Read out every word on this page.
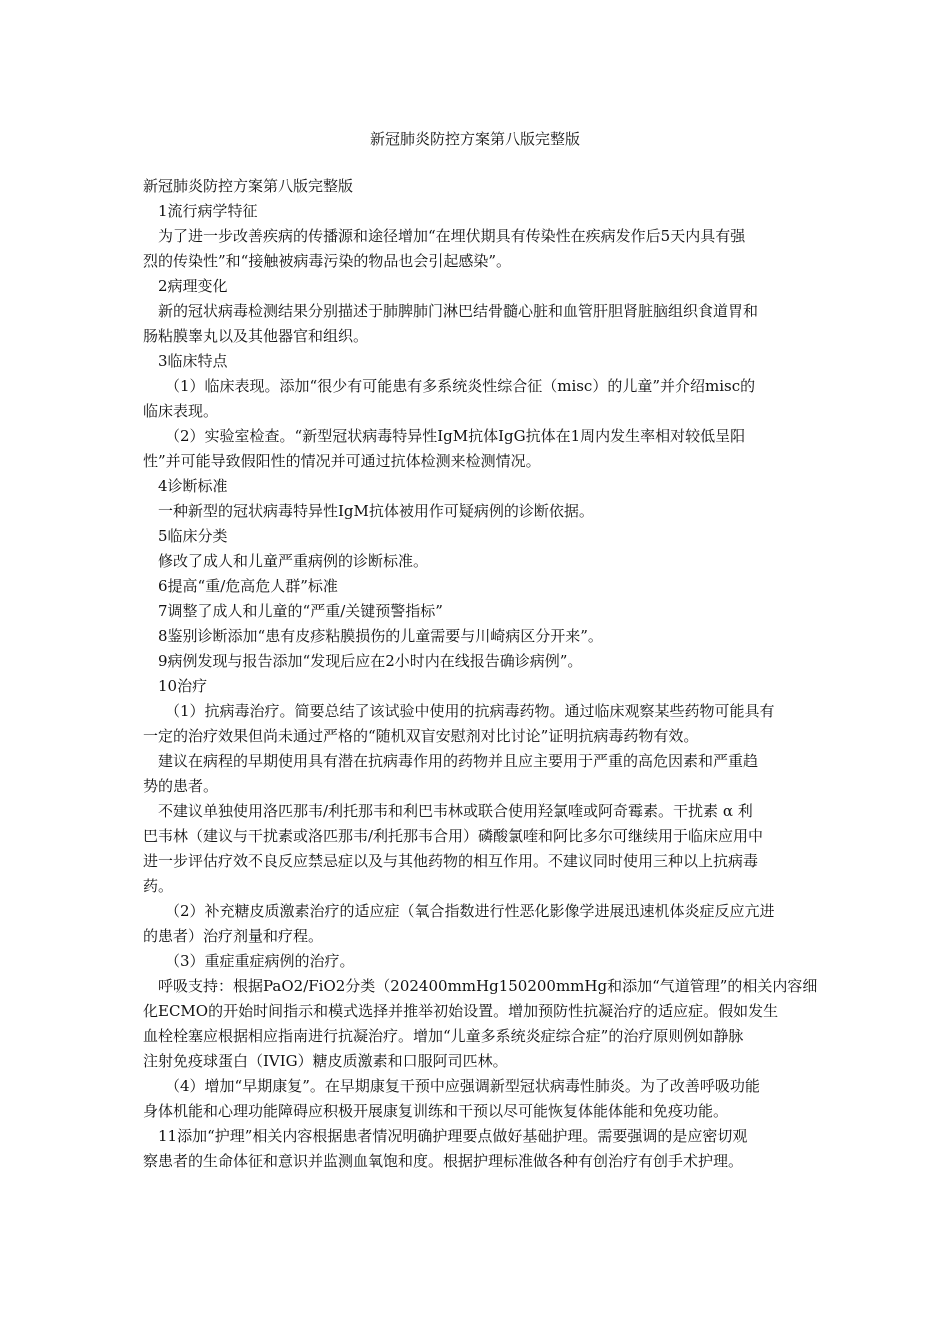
新冠肺炎防控方案第八版完整版

新冠肺炎防控方案第八版完整版

1流行病学特征

为了进一步改善疾病的传播源和途径增加“在埋伏期具有传染性在疾病发作后5天内具有强

烈的传染性”和“接触被病毒污染的物品也会引起感染”。

2病理变化

新的冠状病毒检测结果分别描述于肺脾肺门淋巴结骨髓心脏和血管肝胆肾脏脑组织食道胃和

肠粘膜睾丸以及其他器官和组织。

3临床特点

（1）临床表现。添加“很少有可能患有多系统炎性综合征（misc）的儿童”并介绍misc的

临床表现。

（2）实验室检查。“新型冠状病毒特异性IgM抗体IgG抗体在1周内发生率相对较低呈阳

性”并可能导致假阳性的情况并可通过抗体检测来检测情况。

4诊断标准

一种新型的冠状病毒特异性IgM抗体被用作可疑病例的诊断依据。

5临床分类

修改了成人和儿童严重病例的诊断标准。

6提高“重/危高危人群”标准

7调整了成人和儿童的“严重/关键预警指标”

8鉴别诊断添加“患有皮疹粘膜损伤的儿童需要与川崎病区分开来”。

9病例发现与报告添加“发现后应在2小时内在线报告确诊病例”。

10治疗

（1）抗病毒治疗。简要总结了该试验中使用的抗病毒药物。通过临床观察某些药物可能具有

一定的治疗效果但尚未通过严格的“随机双盲安慰剂对比讨论”证明抗病毒药物有效。

建议在病程的早期使用具有潜在抗病毒作用的药物并且应主要用于严重的高危因素和严重趋

势的患者。

不建议单独使用洛匹那韦/利托那韦和利巴韦林或联合使用羟氯喹或阿奇霉素。干扰素 α 利

巴韦林（建议与干扰素或洛匹那韦/利托那韦合用）磷酸氯喹和阿比多尔可继续用于临床应用中

进一步评估疗效不良反应禁忌症以及与其他药物的相互作用。不建议同时使用三种以上抗病毒

药。

（2）补充糖皮质激素治疗的适应症（氧合指数进行性恶化影像学进展迅速机体炎症反应亢进

的患者）治疗剂量和疗程。

（3）重症重症病例的治疗。

呼吸支持：根据PaO2/FiO2分类（202400mmHg150200mmHg和添加“气道管理”的相关内容细

化ECMO的开始时间指示和模式选择并推举初始设置。增加预防性抗凝治疗的适应症。假如发生

血栓栓塞应根据相应指南进行抗凝治疗。增加“儿童多系统炎症综合症”的治疗原则例如静脉

注射免疫球蛋白（IVIG）糖皮质激素和口服阿司匹林。

（4）增加“早期康复”。在早期康复干预中应强调新型冠状病毒性肺炎。为了改善呼吸功能

身体机能和心理功能障碍应积极开展康复训练和干预以尽可能恢复体能体能和免疫功能。

11添加“护理”相关内容根据患者情况明确护理要点做好基础护理。需要强调的是应密切观

察患者的生命体征和意识并监测血氧饱和度。根据护理标准做各种有创治疗有创手术护理。
